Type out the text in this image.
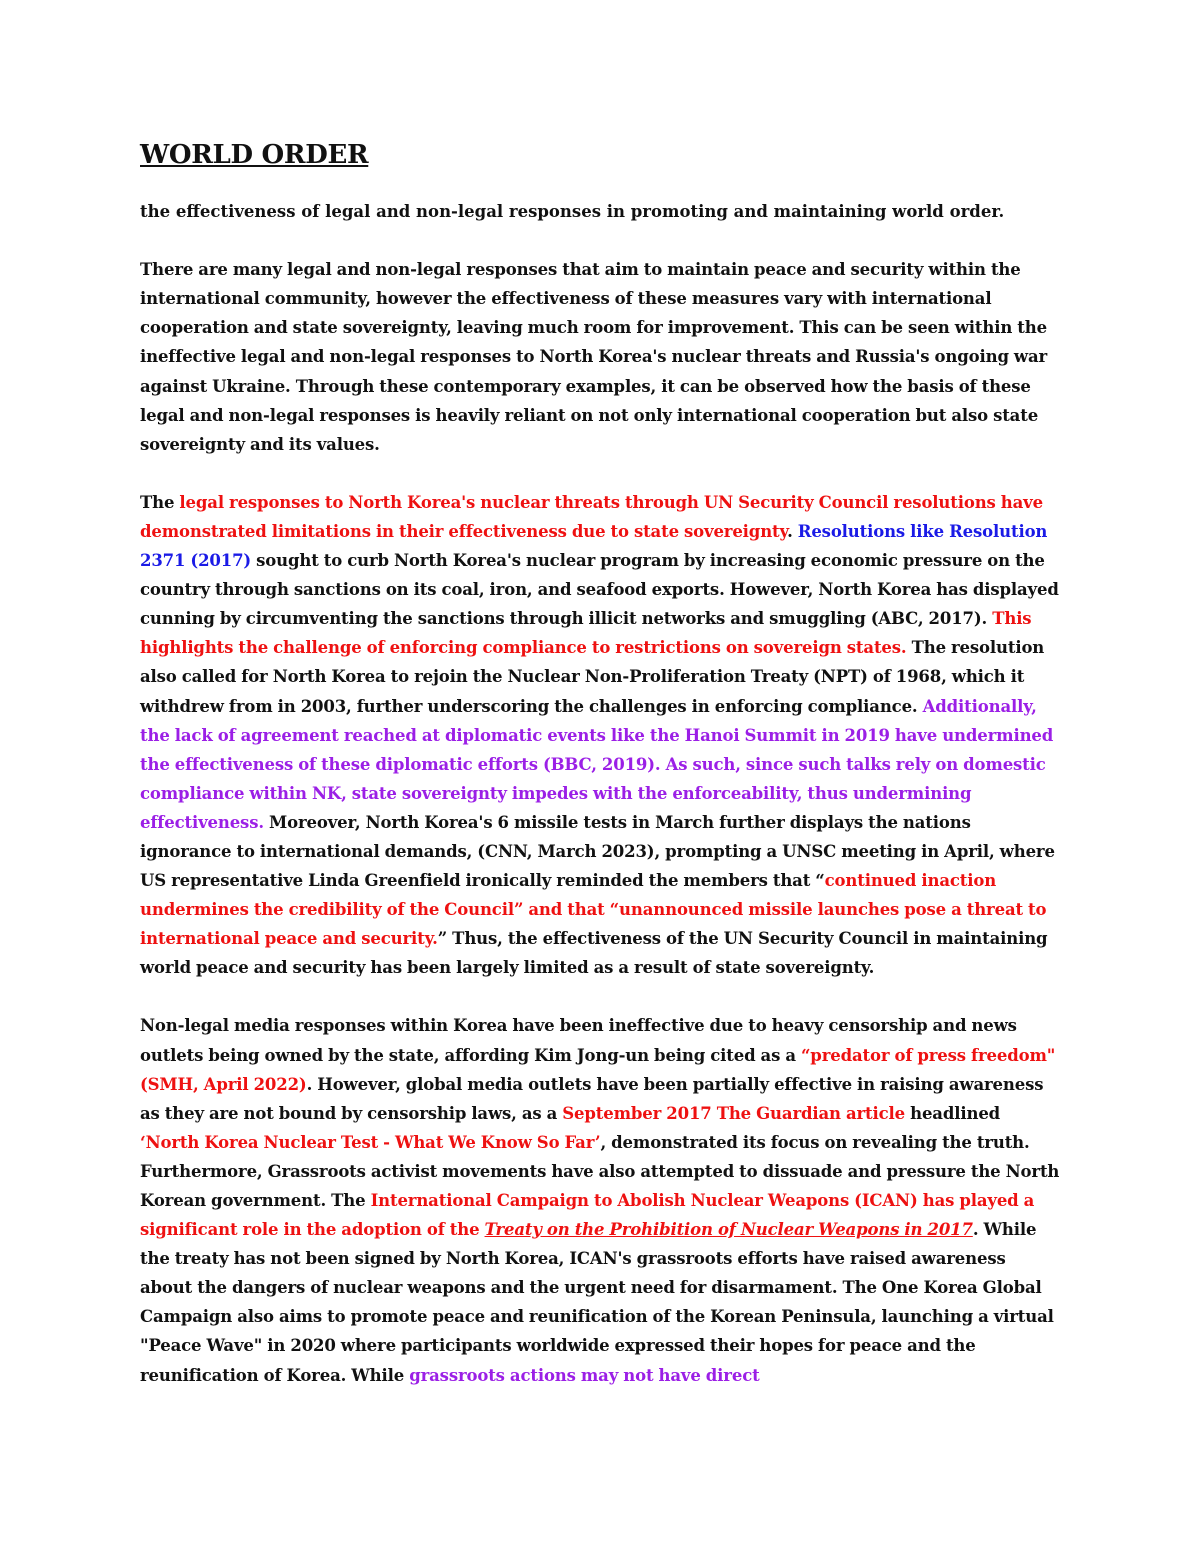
WORLD ORDER

the effectiveness of legal and non-legal responses in promoting and maintaining world order.

There are many legal and non-legal responses that aim to maintain peace and security within the international community, however the effectiveness of these measures vary with international cooperation and state sovereignty, leaving much room for improvement. This can be seen within the ineffective legal and non-legal responses to North Korea's nuclear threats and Russia's ongoing war against Ukraine. Through these contemporary examples, it can be observed how the basis of these legal and non-legal responses is heavily reliant on not only international cooperation but also state sovereignty and its values.

The legal responses to North Korea's nuclear threats through UN Security Council resolutions have demonstrated limitations in their effectiveness due to state sovereignty. Resolutions like Resolution 2371 (2017) sought to curb North Korea's nuclear program by increasing economic pressure on the country through sanctions on its coal, iron, and seafood exports. However, North Korea has displayed cunning by circumventing the sanctions through illicit networks and smuggling (ABC, 2017). This highlights the challenge of enforcing compliance to restrictions on sovereign states. The resolution also called for North Korea to rejoin the Nuclear Non-Proliferation Treaty (NPT) of 1968, which it withdrew from in 2003, further underscoring the challenges in enforcing compliance. Additionally, the lack of agreement reached at diplomatic events like the Hanoi Summit in 2019 have undermined the effectiveness of these diplomatic efforts (BBC, 2019). As such, since such talks rely on domestic compliance within NK, state sovereignty impedes with the enforceability, thus undermining effectiveness. Moreover, North Korea's 6 missile tests in March further displays the nations ignorance to international demands, (CNN, March 2023), prompting a UNSC meeting in April, where US representative Linda Greenfield ironically reminded the members that “continued inaction undermines the credibility of the Council” and that “unannounced missile launches pose a threat to international peace and security.” Thus, the effectiveness of the UN Security Council in maintaining world peace and security has been largely limited as a result of state sovereignty.

Non-legal media responses within Korea have been ineffective due to heavy censorship and news outlets being owned by the state, affording Kim Jong-un being cited as a “predator of press freedom" (SMH, April 2022). However, global media outlets have been partially effective in raising awareness as they are not bound by censorship laws, as a September 2017 The Guardian article headlined ‘North Korea Nuclear Test - What We Know So Far’, demonstrated its focus on revealing the truth. Furthermore, Grassroots activist movements have also attempted to dissuade and pressure the North Korean government. The International Campaign to Abolish Nuclear Weapons (ICAN) has played a significant role in the adoption of the Treaty on the Prohibition of Nuclear Weapons in 2017. While the treaty has not been signed by North Korea, ICAN's grassroots efforts have raised awareness about the dangers of nuclear weapons and the urgent need for disarmament. The One Korea Global Campaign also aims to promote peace and reunification of the Korean Peninsula, launching a virtual "Peace Wave" in 2020 where participants worldwide expressed their hopes for peace and the reunification of Korea. While grassroots actions may not have direct
